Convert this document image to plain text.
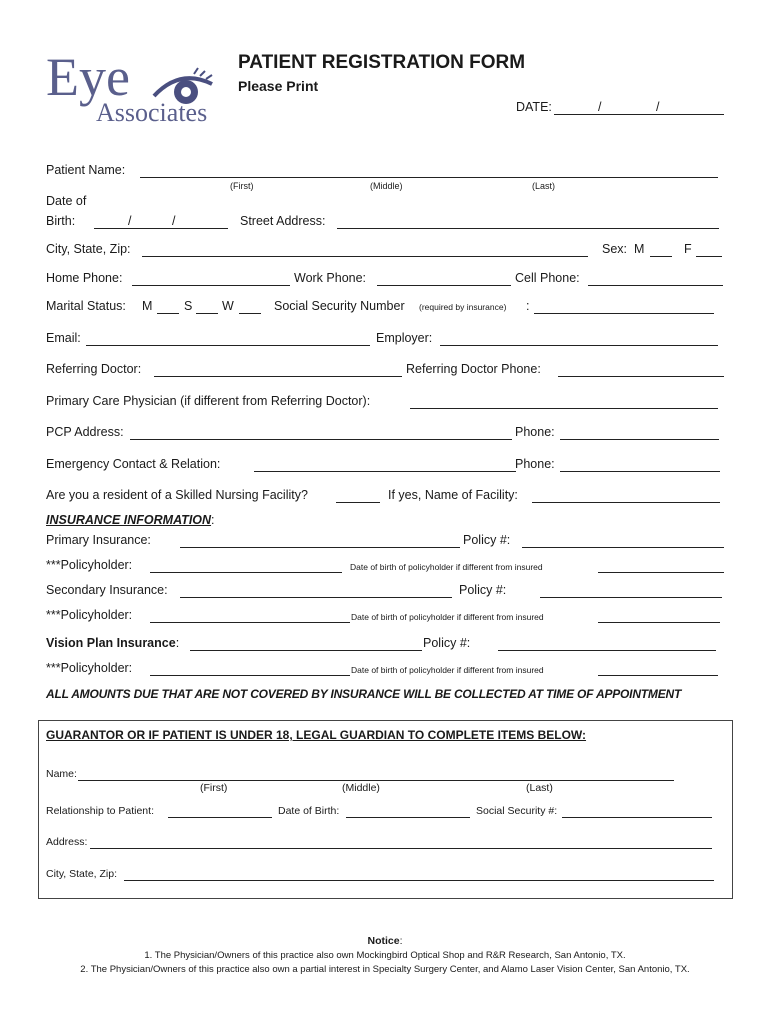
Eye
Associates
PATIENT REGISTRATION FORM
Please Print
DATE:	/	/
Patient Name:
(First)	(Middle)	(Last)
Date of
Birth:	/	/	Street Address:
City, State, Zip:	Sex: M	F
Home Phone:	Work Phone:	Cell Phone:
Marital Status: M	S W	Social Security Number (required by insurance) :
Email:	Employer:
Referring Doctor:	Referring Doctor Phone:
Primary Care Physician (if different from Referring Doctor):
PCP Address:	Phone:
Emergency Contact & Relation:	Phone:
Are you a resident of a Skilled Nursing Facility?	If yes, Name of Facility:
INSURANCE INFORMATION:
Primary Insurance:	Policy #:
***Policyholder:	Date of birth of policyholder if different from insured
Secondary Insurance:	Policy #:
***Policyholder:	Date of birth of policyholder if different from insured
Vision Plan Insurance:	Policy #:
***Policyholder:	Date of birth of policyholder if different from insured
ALL AMOUNTS DUE THAT ARE NOT COVERED BY INSURANCE WILL BE COLLECTED AT TIME OF APPOINTMENT
GUARANTOR OR IF PATIENT IS UNDER 18, LEGAL GUARDIAN TO COMPLETE ITEMS BELOW:
Name:
(First)	(Middle)	(Last)
Relationship to Patient:	Date of Birth:	Social Security #:
Address:
City, State, Zip:
Notice:
1. The Physician/Owners of this practice also own Mockingbird Optical Shop and R&R Research, San Antonio, TX.
2. The Physician/Owners of this practice also own a partial interest in Specialty Surgery Center, and Alamo Laser Vision Center, San Antonio, TX.
